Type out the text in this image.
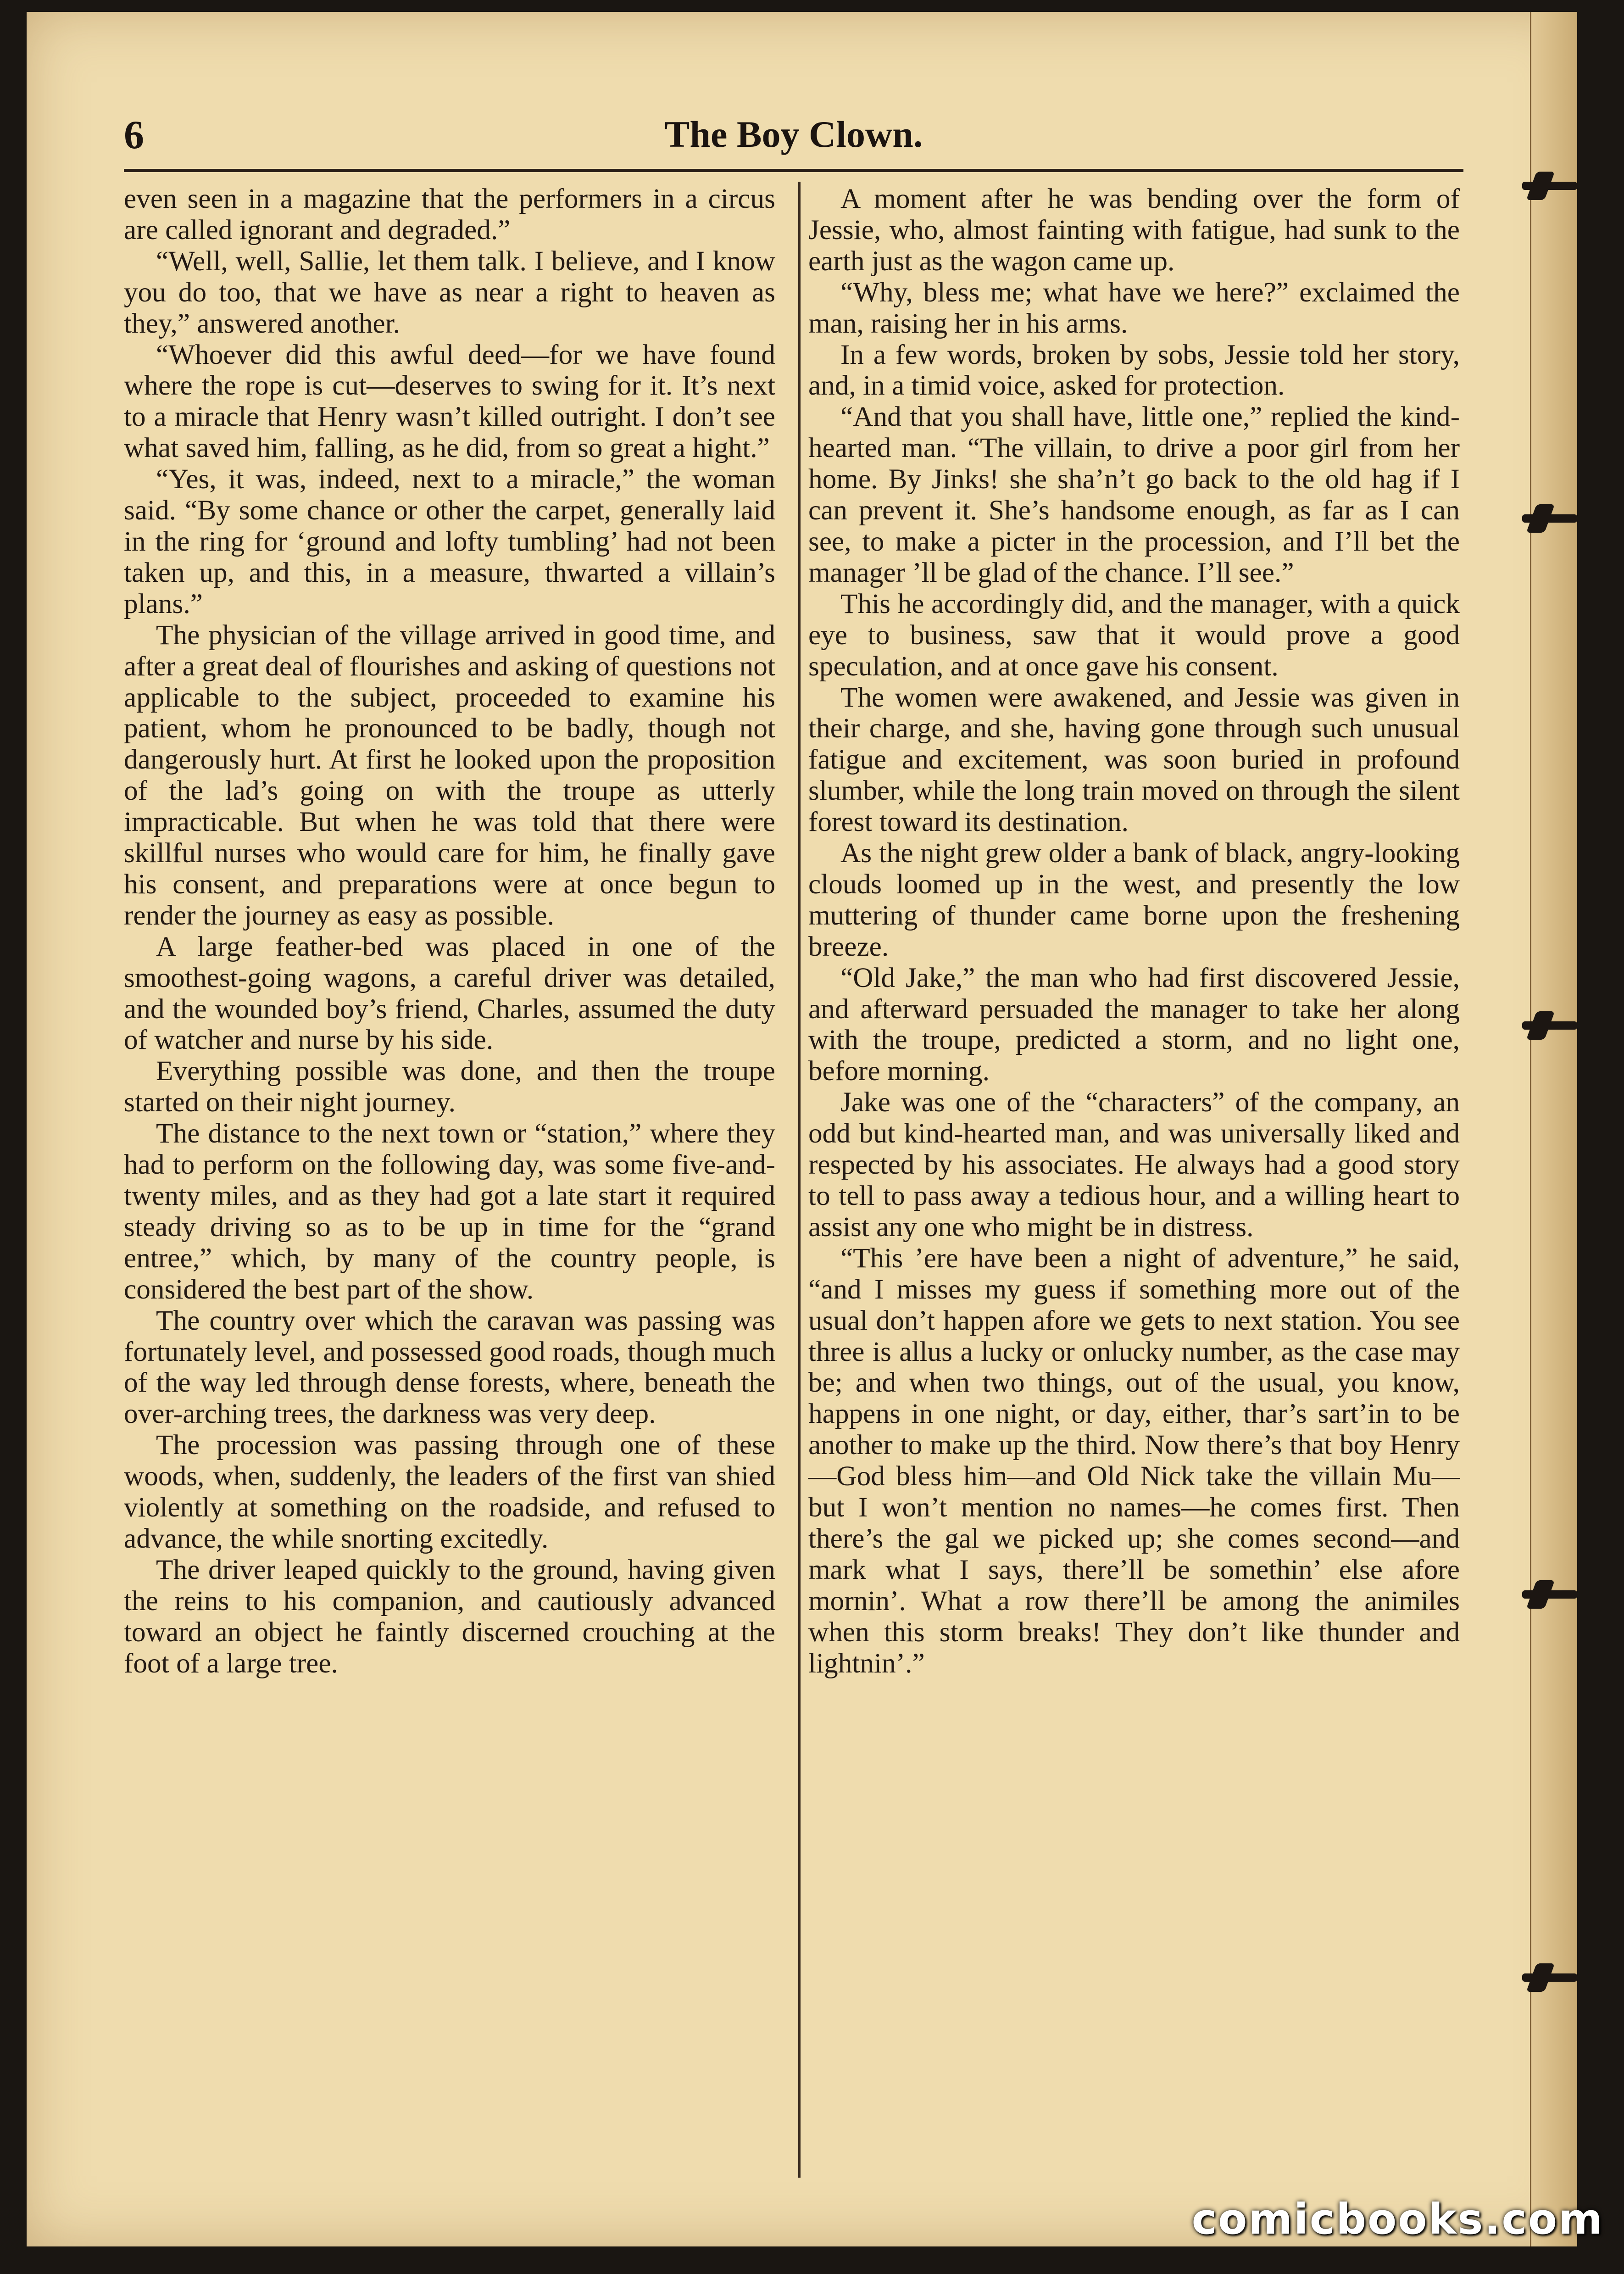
6	The Boy Clown.

even seen in a magazine that the performers in a circus are called ignorant and degraded.”

“Well, well, Sallie, let them talk. I believe, and I know you do too, that we have as near a right to heaven as they,” answered another.

“Whoever did this awful deed—for we have found where the rope is cut—deserves to swing for it. It’s next to a miracle that Henry wasn’t killed outright. I don’t see what saved him, falling, as he did, from so great a hight.”

“Yes, it was, indeed, next to a miracle,” the woman said. “By some chance or other the carpet, generally laid in the ring for ‘ground and lofty tumbling’ had not been taken up, and this, in a measure, thwarted a villain’s plans.”

The physician of the village arrived in good time, and after a great deal of flourishes and asking of questions not applicable to the subject, proceeded to examine his patient, whom he pronounced to be badly, though not dangerously hurt. At first he looked upon the proposition of the lad’s going on with the troupe as utterly impracticable. But when he was told that there were skillful nurses who would care for him, he finally gave his consent, and preparations were at once begun to render the journey as easy as possible.

A large feather-bed was placed in one of the smoothest-going wagons, a careful driver was detailed, and the wounded boy’s friend, Charles, assumed the duty of watcher and nurse by his side.

Everything possible was done, and then the troupe started on their night journey.

The distance to the next town or “station,” where they had to perform on the following day, was some five-and-twenty miles, and as they had got a late start it required steady driving so as to be up in time for the “grand entree,” which, by many of the country people, is considered the best part of the show.

The country over which the caravan was passing was fortunately level, and possessed good roads, though much of the way led through dense forests, where, beneath the over-arching trees, the darkness was very deep.

The procession was passing through one of these woods, when, suddenly, the leaders of the first van shied violently at something on the roadside, and refused to advance, the while snorting excitedly.

The driver leaped quickly to the ground, having given the reins to his companion, and cautiously advanced toward an object he faintly discerned crouching at the foot of a large tree.

A moment after he was bending over the form of Jessie, who, almost fainting with fatigue, had sunk to the earth just as the wagon came up.

“Why, bless me; what have we here?” exclaimed the man, raising her in his arms.

In a few words, broken by sobs, Jessie told her story, and, in a timid voice, asked for protection.

“And that you shall have, little one,” replied the kind-hearted man. “The villain, to drive a poor girl from her home. By Jinks! she sha’n’t go back to the old hag if I can prevent it. She’s handsome enough, as far as I can see, to make a picter in the procession, and I’ll bet the manager ’ll be glad of the chance. I’ll see.”

This he accordingly did, and the manager, with a quick eye to business, saw that it would prove a good speculation, and at once gave his consent.

The women were awakened, and Jessie was given in their charge, and she, having gone through such unusual fatigue and excitement, was soon buried in profound slumber, while the long train moved on through the silent forest toward its destination.

As the night grew older a bank of black, angry-looking clouds loomed up in the west, and presently the low muttering of thunder came borne upon the freshening breeze.

“Old Jake,” the man who had first discovered Jessie, and afterward persuaded the manager to take her along with the troupe, predicted a storm, and no light one, before morning.

Jake was one of the “characters” of the company, an odd but kind-hearted man, and was universally liked and respected by his associates. He always had a good story to tell to pass away a tedious hour, and a willing heart to assist any one who might be in distress.

“This ’ere have been a night of adventure,” he said, “and I misses my guess if something more out of the usual don’t happen afore we gets to next station. You see three is allus a lucky or onlucky number, as the case may be; and when two things, out of the usual, you know, happens in one night, or day, either, thar’s sart’in to be another to make up the third. Now there’s that boy Henry—God bless him—and Old Nick take the villain Mu—but I won’t mention no names—he comes first. Then there’s the gal we picked up; she comes second—and mark what I says, there’ll be somethin’ else afore mornin’. What a row there’ll be among the animiles when this storm breaks! They don’t like thunder and lightnin’.”

comicbooks.com
